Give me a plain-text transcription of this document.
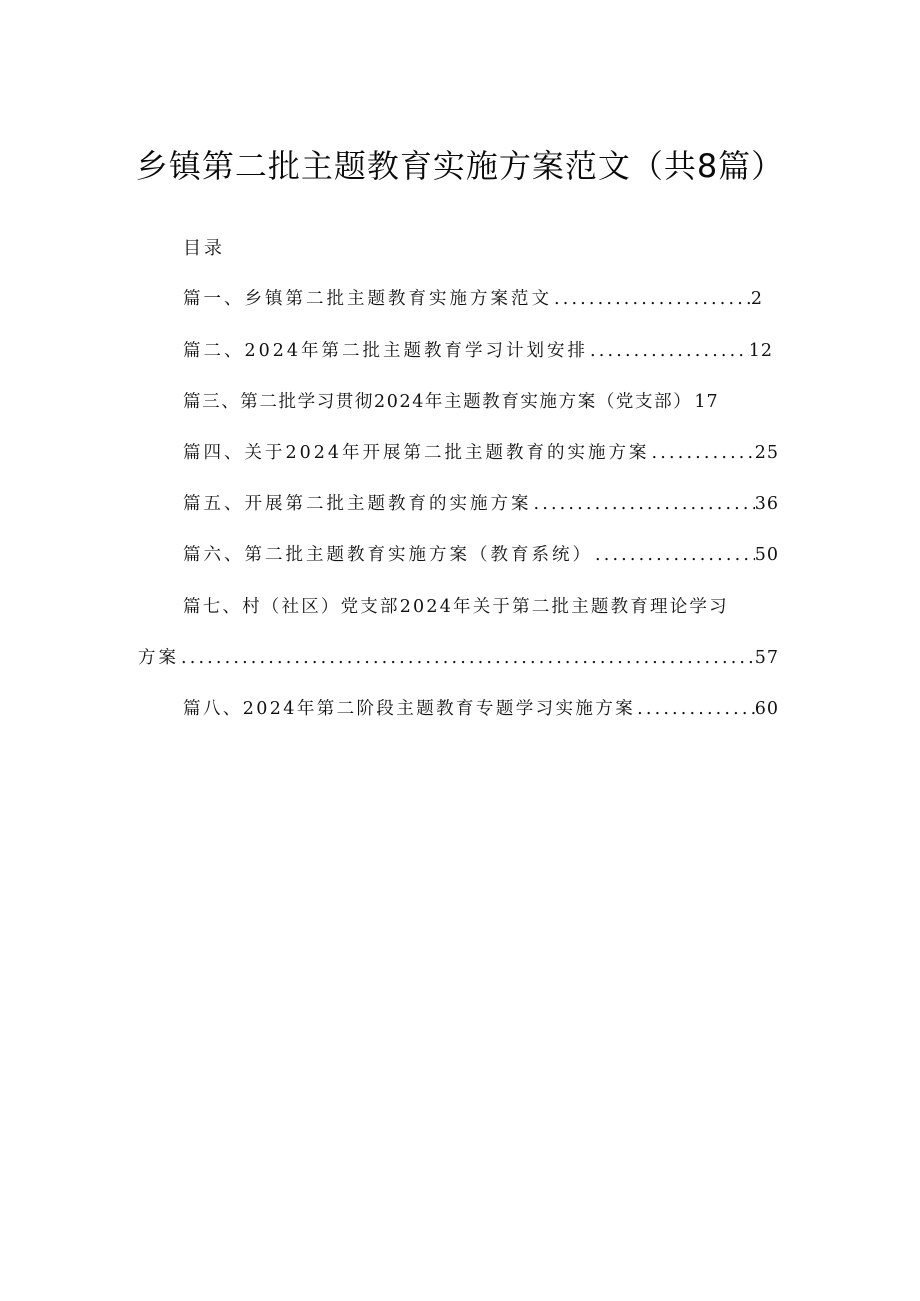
乡镇第二批主题教育实施方案范文（共8篇）
目录
篇一、乡镇第二批主题教育实施方案范文 . . .	2
篇二、2024年第二批主题教育学习计划安排 . . .	12
篇三、第二批学习贯彻2024年主题教育实施方案（党支部） 17
篇四、关于2024年开展第二批主题教育的实施方案 . . .	25
篇五、开展第二批主题教育的实施方案 . . .	36
篇六、第二批主题教育实施方案（教育系统） . . .	50
篇七、村（社区）党支部2024年关于第二批主题教育理论学习
方案 . . .	57
篇八、2024年第二阶段主题教育专题学习实施方案 . . .	60
